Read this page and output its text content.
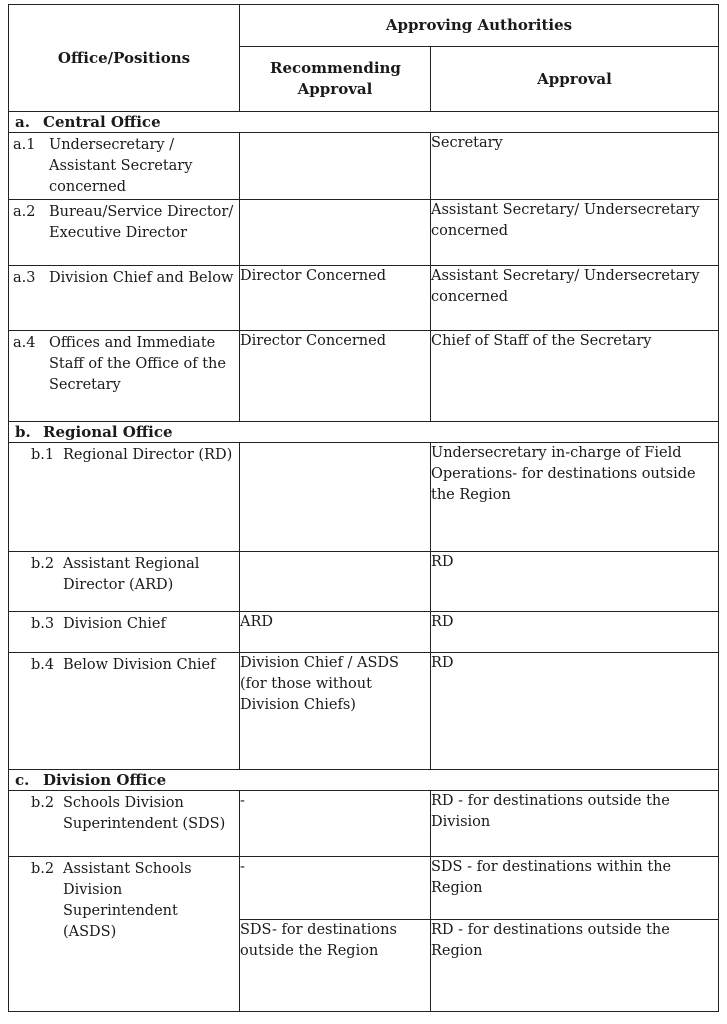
Office/Positions	Approving Authorities	
	Recommending Approval	Approval
a. Central Office		

a.1 Undersecretary / Assistant Secretary concerned		Secretary

a.2 Bureau/Service Director/ Executive Director		Assistant Secretary/ Undersecretary concerned

a.3 Division Chief and Below	Director Concerned	Assistant Secretary/ Undersecretary concerned

a.4 Offices and Immediate Staff of the Office of the Secretary	Director Concerned	Chief of Staff of the Secretary
b. Regional Office		

b.1 Regional Director (RD)		Undersecretary in-charge of Field Operations- for destinations outside the Region

b.2 Assistant Regional Director (ARD)		RD

b.3 Division Chief	ARD	RD

b.4 Below Division Chief	Division Chief / ASDS (for those without Division Chiefs)	RD
c. Division Office		

b.2 Schools Division Superintendent (SDS)	-	RD - for destinations outside the Division

b.2 Assistant Schools Division Superintendent (ASDS)	-	SDS - for destinations within the Region
	SDS- for destinations outside the Region	RD - for destinations outside the Region
